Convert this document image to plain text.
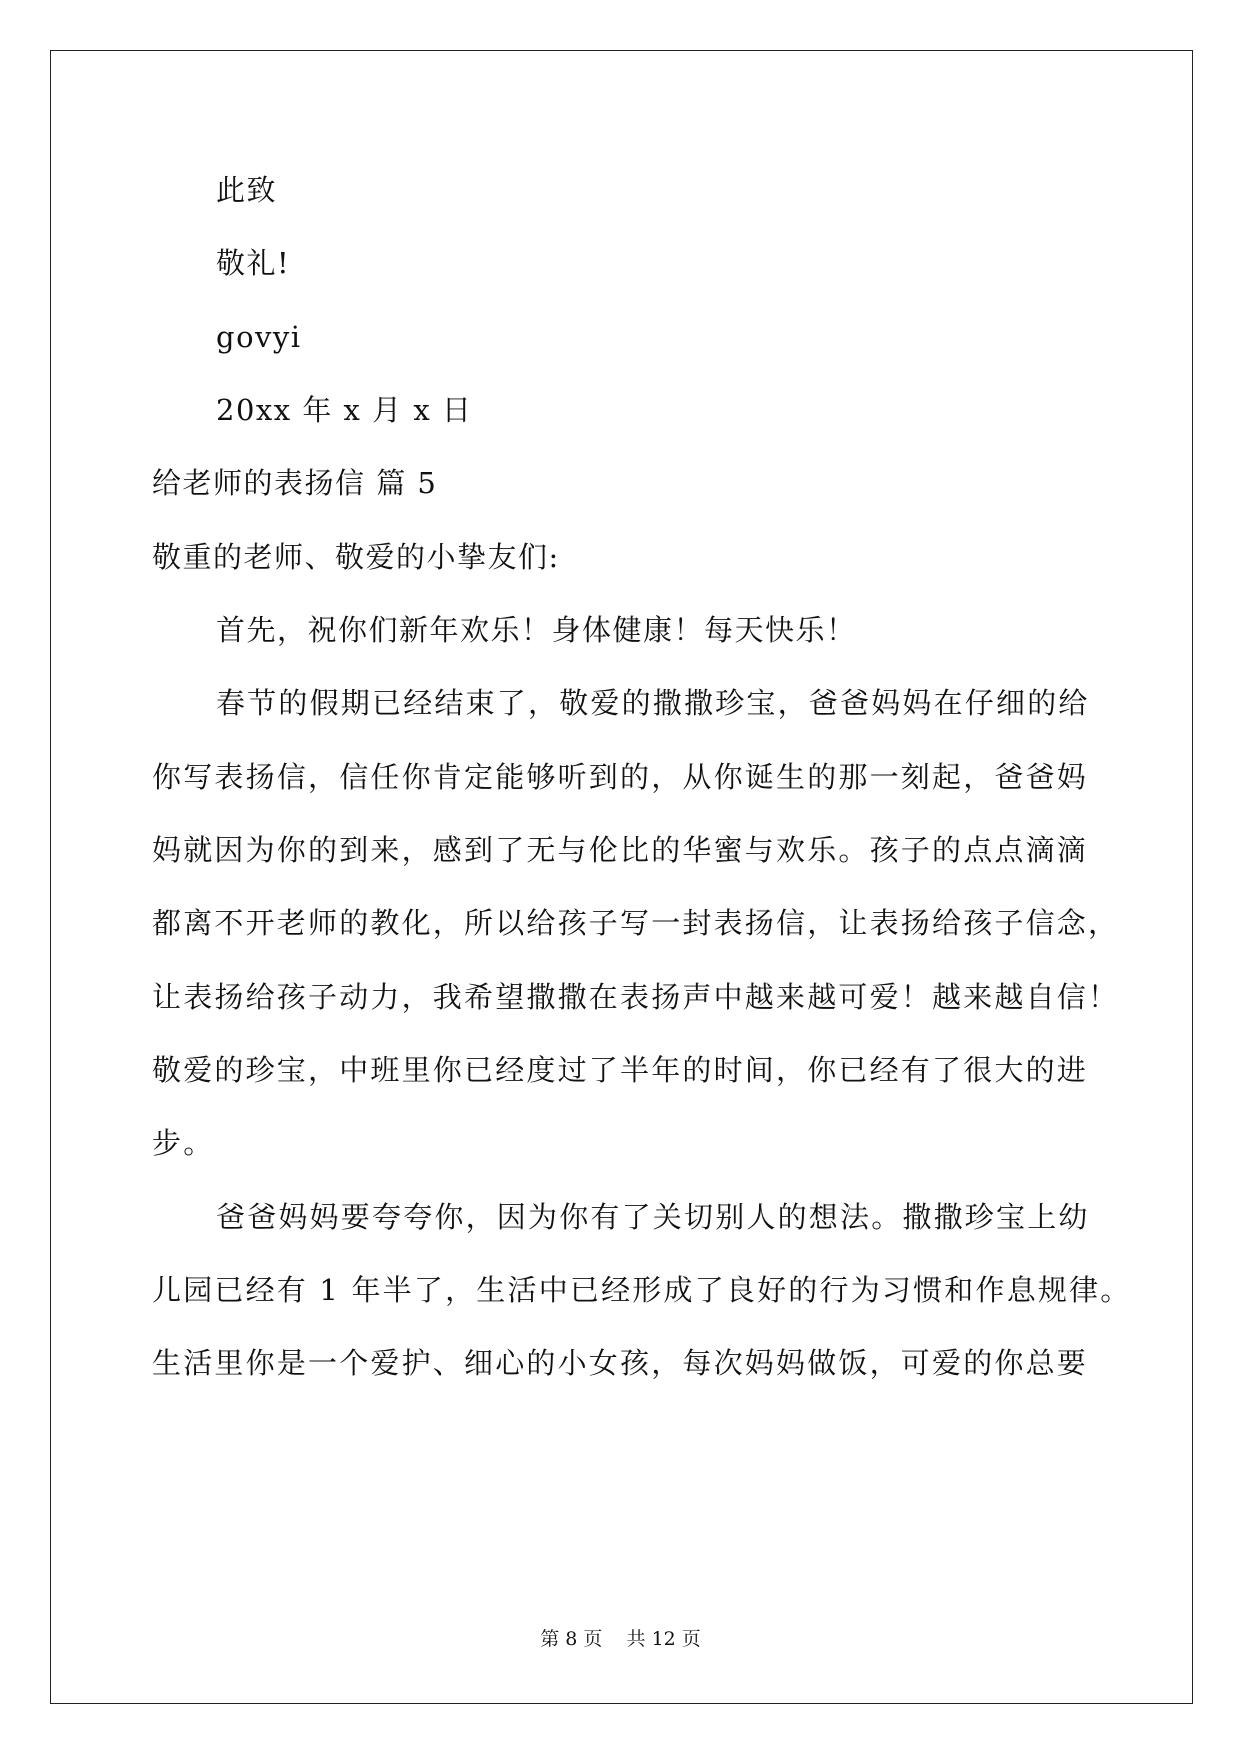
此致

敬礼!

govyi

20xx 年 x 月 x 日

给老师的表扬信 篇 5

敬重的老师、敬爱的小挚友们:

首先，祝你们新年欢乐！身体健康！每天快乐！

春节的假期已经结束了，敬爱的撒撒珍宝，爸爸妈妈在仔细的给

你写表扬信，信任你肯定能够听到的，从你诞生的那一刻起，爸爸妈

妈就因为你的到来，感到了无与伦比的华蜜与欢乐。孩子的点点滴滴

都离不开老师的教化，所以给孩子写一封表扬信，让表扬给孩子信念，

让表扬给孩子动力，我希望撒撒在表扬声中越来越可爱！越来越自信！

敬爱的珍宝，中班里你已经度过了半年的时间，你已经有了很大的进

步。

爸爸妈妈要夸夸你，因为你有了关切别人的想法。撒撒珍宝上幼

儿园已经有 1 年半了，生活中已经形成了良好的行为习惯和作息规律。

生活里你是一个爱护、细心的小女孩，每次妈妈做饭，可爱的你总要

第 8 页    共 12 页
